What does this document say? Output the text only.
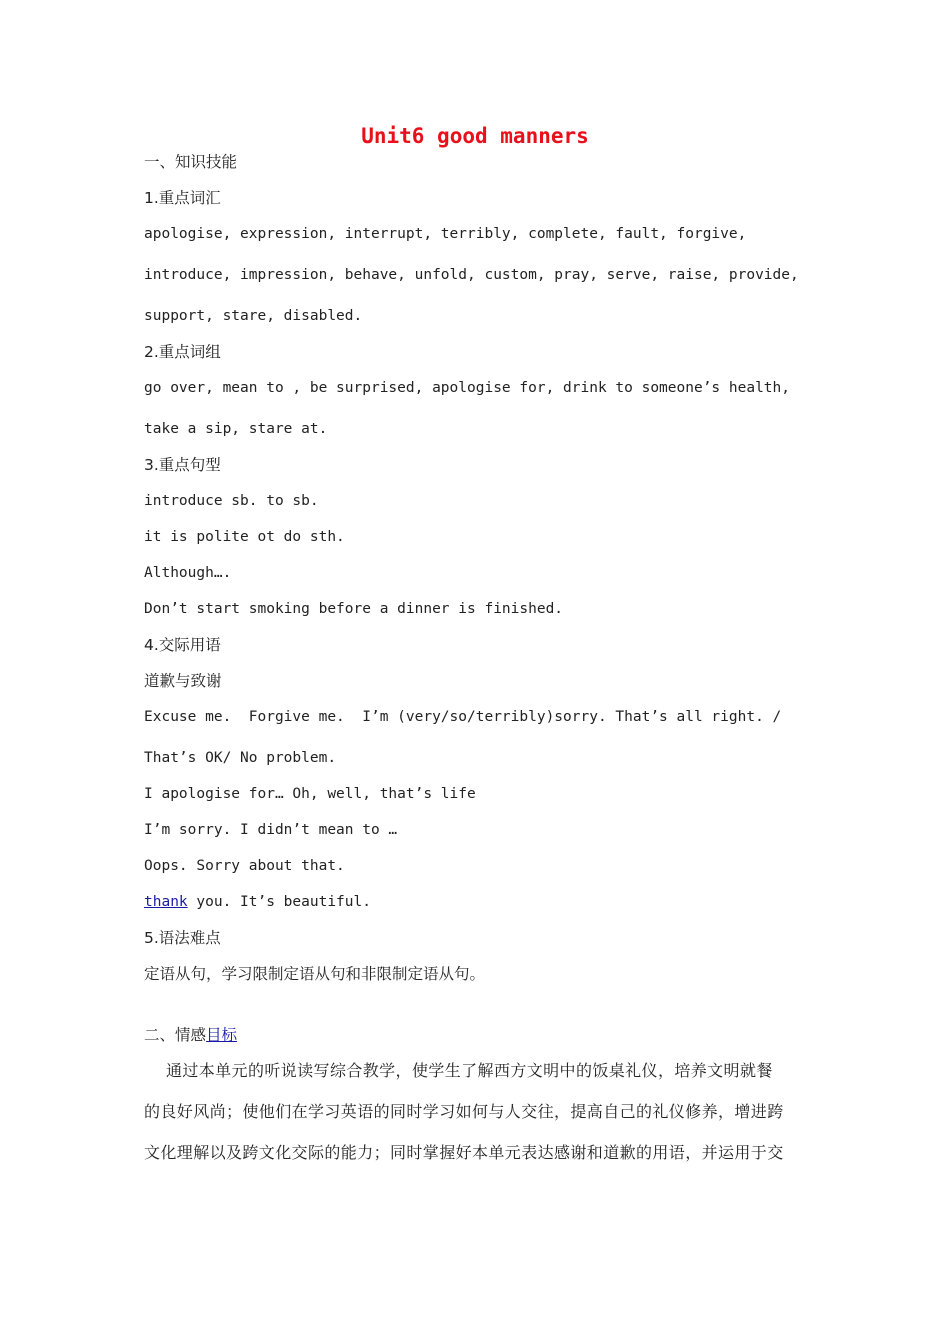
Unit6 good manners
一、知识技能
1.重点词汇
apologise, expression, interrupt, terribly, complete, fault, forgive,
introduce, impression, behave, unfold, custom, pray, serve, raise, provide,
support, stare, disabled.
2.重点词组
go over, mean to , be surprised, apologise for, drink to someone’s health,
take a sip, stare at.
3.重点句型
introduce sb. to sb.
it is polite ot do sth.
Although….
Don’t start smoking before a dinner is finished.
4.交际用语
道歉与致谢
Excuse me.  Forgive me.  I’m (very/so/terribly)sorry. That’s all right. /
That’s OK/ No problem.
I apologise for… Oh, well, that’s life
I’m sorry. I didn’t mean to …
Oops. Sorry about that.
thank you. It’s beautiful.
5.语法难点
定语从句，学习限制定语从句和非限制定语从句。
二、情感目标
通过本单元的听说读写综合教学，使学生了解西方文明中的饭桌礼仪，培养文明就餐
的良好风尚；使他们在学习英语的同时学习如何与人交往，提高自己的礼仪修养，增进跨
文化理解以及跨文化交际的能力；同时掌握好本单元表达感谢和道歉的用语，并运用于交
